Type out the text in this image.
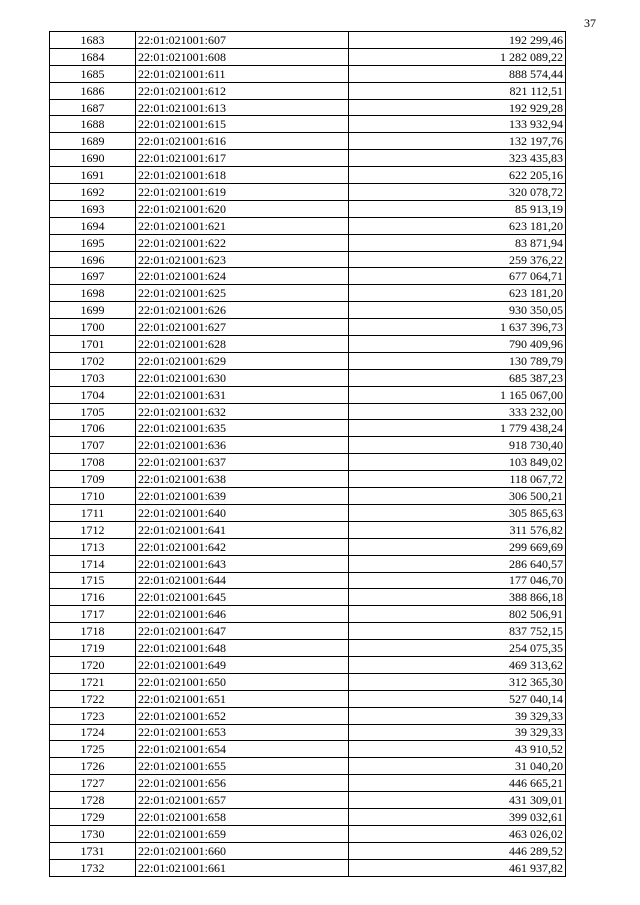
37
1683	22:01:021001:607	192 299,46
1684	22:01:021001:608	1 282 089,22
1685	22:01:021001:611	888 574,44
1686	22:01:021001:612	821 112,51
1687	22:01:021001:613	192 929,28
1688	22:01:021001:615	133 932,94
1689	22:01:021001:616	132 197,76
1690	22:01:021001:617	323 435,83
1691	22:01:021001:618	622 205,16
1692	22:01:021001:619	320 078,72
1693	22:01:021001:620	85 913,19
1694	22:01:021001:621	623 181,20
1695	22:01:021001:622	83 871,94
1696	22:01:021001:623	259 376,22
1697	22:01:021001:624	677 064,71
1698	22:01:021001:625	623 181,20
1699	22:01:021001:626	930 350,05
1700	22:01:021001:627	1 637 396,73
1701	22:01:021001:628	790 409,96
1702	22:01:021001:629	130 789,79
1703	22:01:021001:630	685 387,23
1704	22:01:021001:631	1 165 067,00
1705	22:01:021001:632	333 232,00
1706	22:01:021001:635	1 779 438,24
1707	22:01:021001:636	918 730,40
1708	22:01:021001:637	103 849,02
1709	22:01:021001:638	118 067,72
1710	22:01:021001:639	306 500,21
1711	22:01:021001:640	305 865,63
1712	22:01:021001:641	311 576,82
1713	22:01:021001:642	299 669,69
1714	22:01:021001:643	286 640,57
1715	22:01:021001:644	177 046,70
1716	22:01:021001:645	388 866,18
1717	22:01:021001:646	802 506,91
1718	22:01:021001:647	837 752,15
1719	22:01:021001:648	254 075,35
1720	22:01:021001:649	469 313,62
1721	22:01:021001:650	312 365,30
1722	22:01:021001:651	527 040,14
1723	22:01:021001:652	39 329,33
1724	22:01:021001:653	39 329,33
1725	22:01:021001:654	43 910,52
1726	22:01:021001:655	31 040,20
1727	22:01:021001:656	446 665,21
1728	22:01:021001:657	431 309,01
1729	22:01:021001:658	399 032,61
1730	22:01:021001:659	463 026,02
1731	22:01:021001:660	446 289,52
1732	22:01:021001:661	461 937,82
